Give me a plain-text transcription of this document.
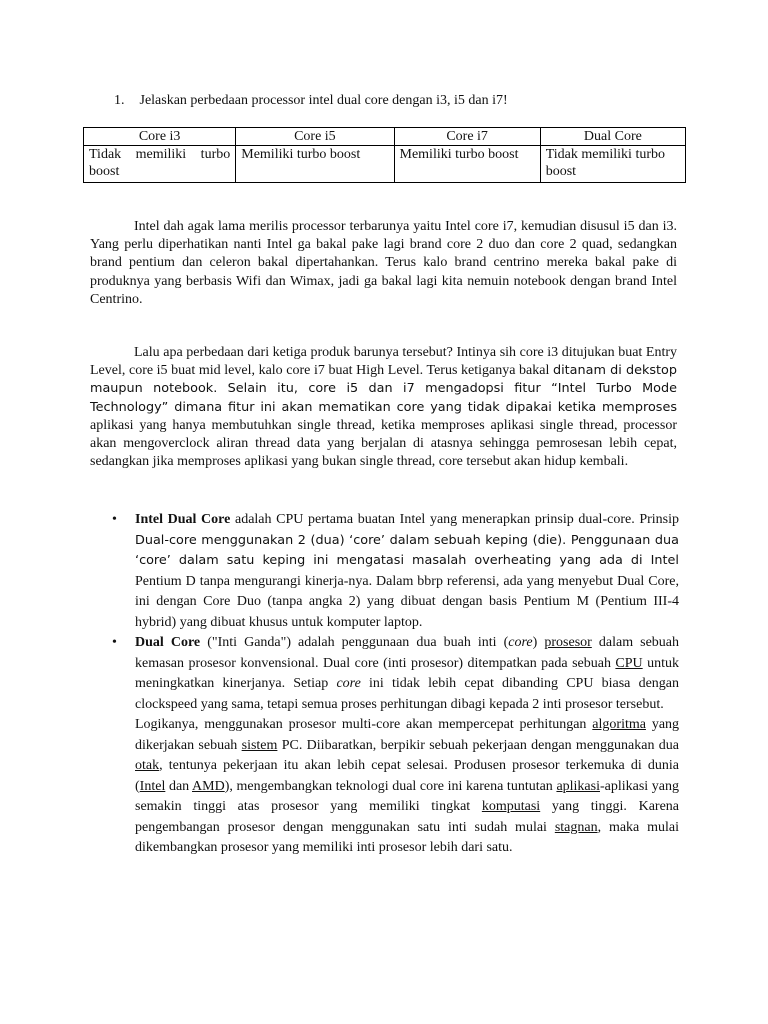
1. Jelaskan perbedaan processor intel dual core dengan i3, i5 dan i7!
Core i3	Core i5	Core i7	Dual Core
Tidak memiliki turbo boost	Memiliki turbo boost	Memiliki turbo boost	Tidak memiliki turbo boost
Intel dah agak lama merilis processor terbarunya yaitu Intel core i7, kemudian disusul i5 dan i3. Yang perlu diperhatikan nanti Intel ga bakal pake lagi brand core 2 duo dan core 2 quad, sedangkan brand pentium dan celeron bakal dipertahankan. Terus kalo brand centrino mereka bakal pake di produknya yang berbasis Wifi dan Wimax, jadi ga bakal lagi kita nemuin notebook dengan brand Intel Centrino.
Lalu apa perbedaan dari ketiga produk barunya tersebut? Intinya sih core i3 ditujukan buat Entry Level, core i5 buat mid level, kalo core i7 buat High Level. Terus ketiganya bakal ditanam di dekstop maupun notebook. Selain itu, core i5 dan i7 mengadopsi fitur “Intel Turbo Mode Technology” dimana fitur ini akan mematikan core yang tidak dipakai ketika memproses aplikasi yang hanya membutuhkan single thread, ketika memproses aplikasi single thread, processor akan mengoverclock aliran thread data yang berjalan di atasnya sehingga pemrosesan lebih cepat, sedangkan jika memproses aplikasi yang bukan single thread, core tersebut akan hidup kembali.
• Intel Dual Core adalah CPU pertama buatan Intel yang menerapkan prinsip dual-core. Prinsip Dual-core menggunakan 2 (dua) ‘core’ dalam sebuah keping (die). Penggunaan dua ‘core’ dalam satu keping ini mengatasi masalah overheating yang ada di Intel Pentium D tanpa mengurangi kinerja-nya. Dalam bbrp referensi, ada yang menyebut Dual Core, ini dengan Core Duo (tanpa angka 2) yang dibuat dengan basis Pentium M (Pentium III-4 hybrid) yang dibuat khusus untuk komputer laptop.
• Dual Core ("Inti Ganda") adalah penggunaan dua buah inti (core) prosesor dalam sebuah kemasan prosesor konvensional. Dual core (inti prosesor) ditempatkan pada sebuah CPU untuk meningkatkan kinerjanya. Setiap core ini tidak lebih cepat dibanding CPU biasa dengan clockspeed yang sama, tetapi semua proses perhitungan dibagi kepada 2 inti prosesor tersebut.
Logikanya, menggunakan prosesor multi-core akan mempercepat perhitungan algoritma yang dikerjakan sebuah sistem PC. Diibaratkan, berpikir sebuah pekerjaan dengan menggunakan dua otak, tentunya pekerjaan itu akan lebih cepat selesai. Produsen prosesor terkemuka di dunia (Intel dan AMD), mengembangkan teknologi dual core ini karena tuntutan aplikasi-aplikasi yang semakin tinggi atas prosesor yang memiliki tingkat komputasi yang tinggi. Karena pengembangan prosesor dengan menggunakan satu inti sudah mulai stagnan, maka mulai dikembangkan prosesor yang memiliki inti prosesor lebih dari satu.
